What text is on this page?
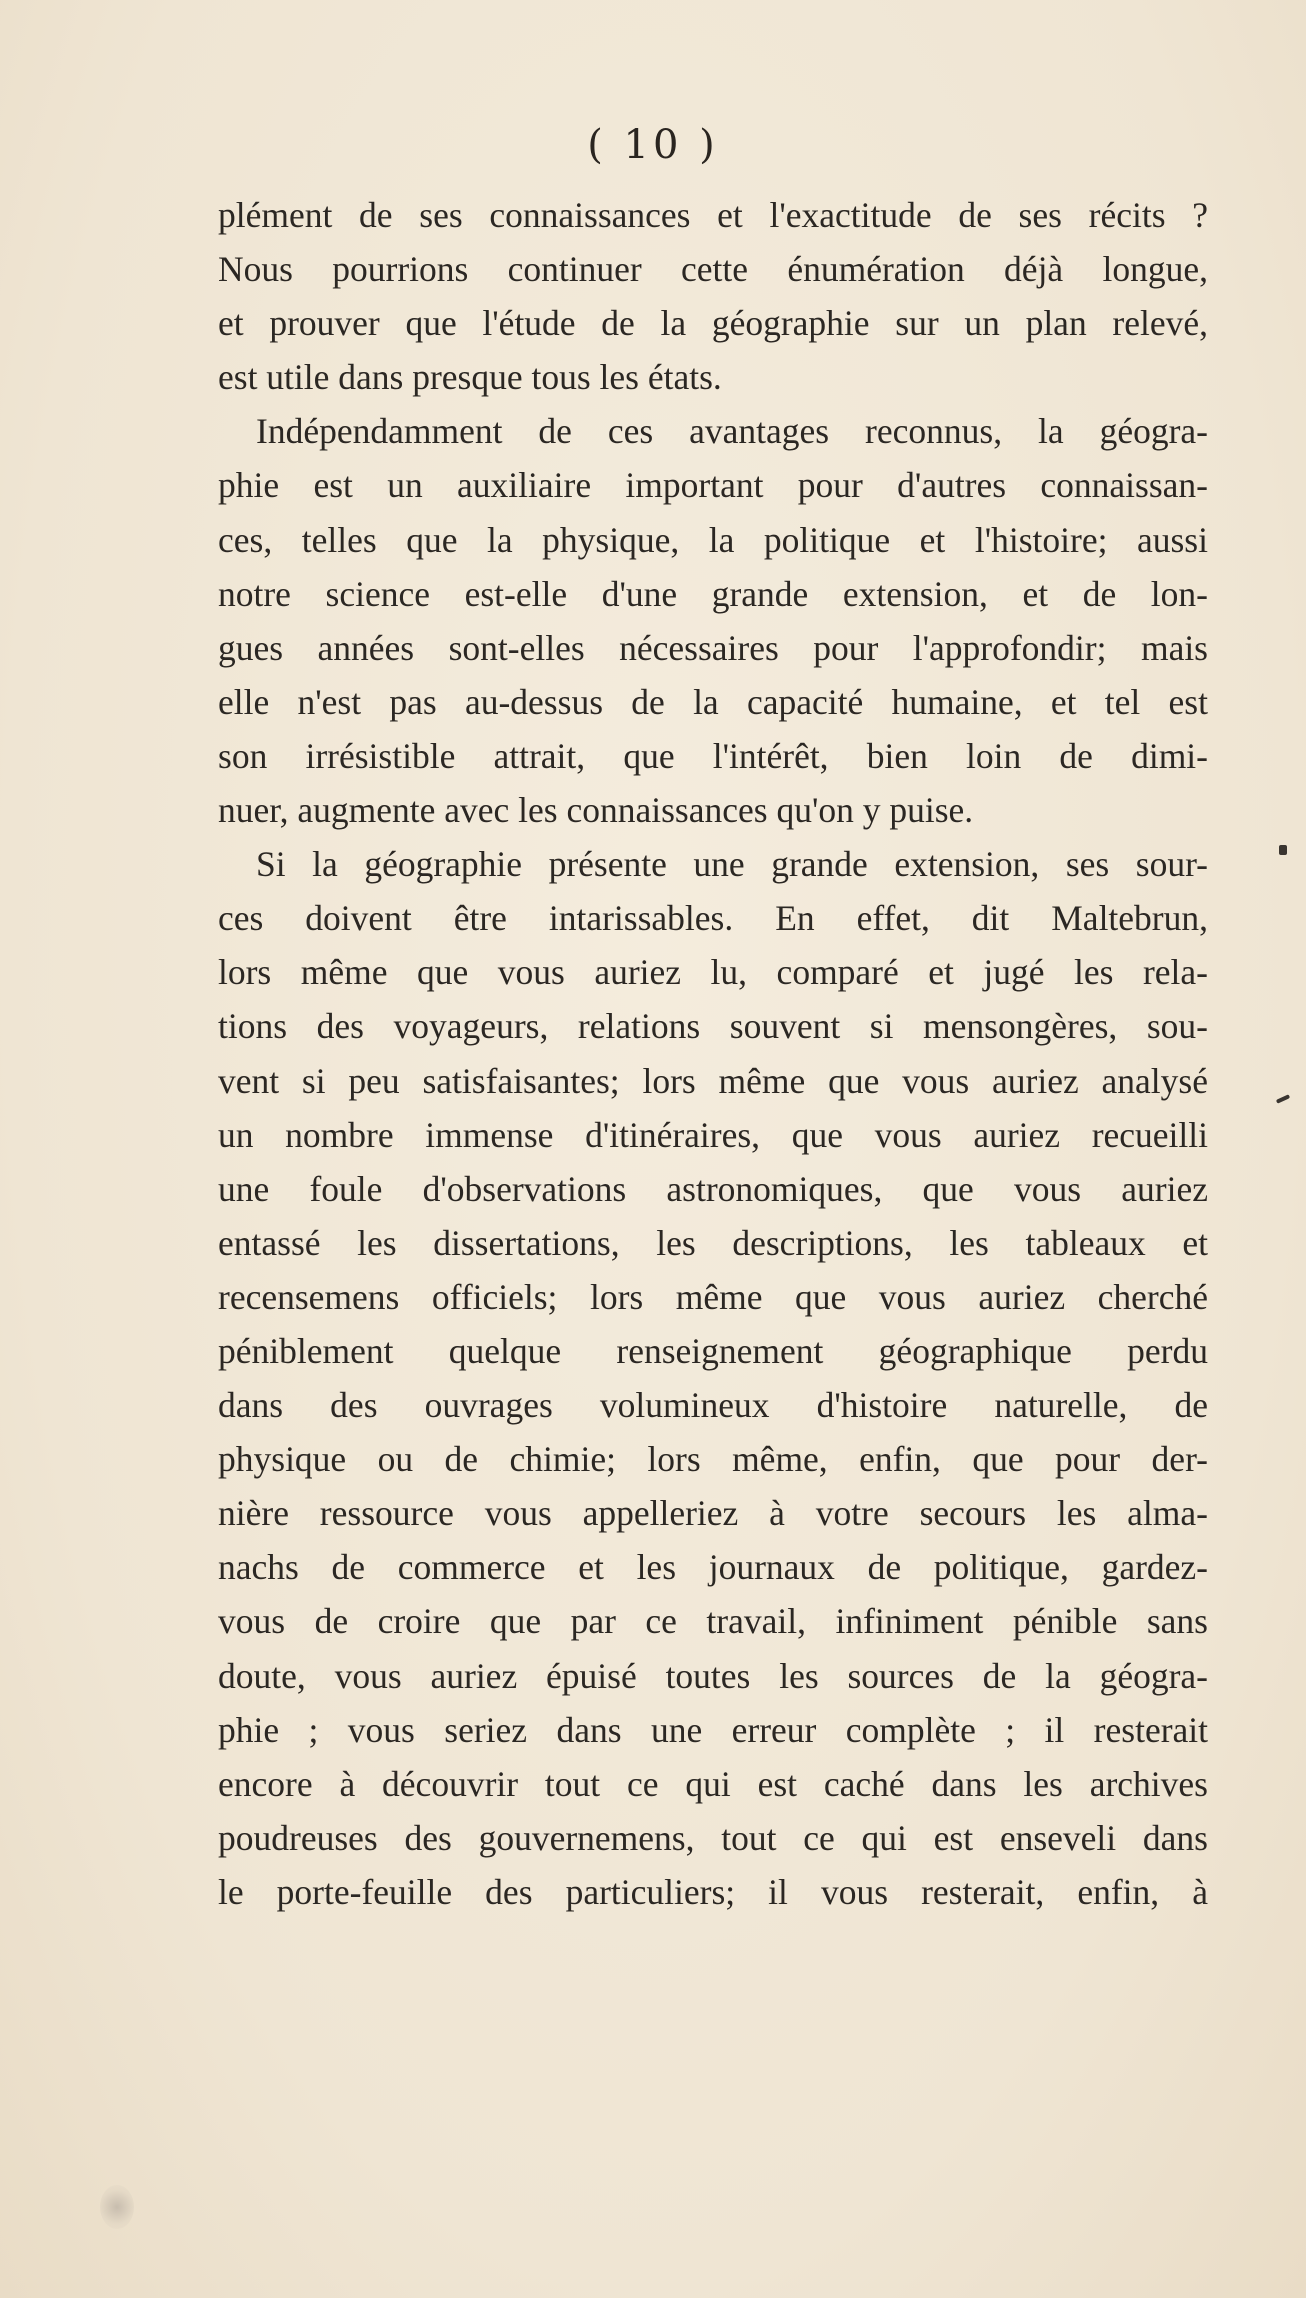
( 10 )
plément de ses connaissances et l'exactitude de ses récits ?
Nous pourrions continuer cette énumération déjà longue,
et prouver que l'étude de la géographie sur un plan relevé,
est utile dans presque tous les états.
Indépendamment de ces avantages reconnus, la géogra-
phie est un auxiliaire important pour d'autres connaissan-
ces, telles que la physique, la politique et l'histoire; aussi
notre science est-elle d'une grande extension, et de lon-
gues années sont-elles nécessaires pour l'approfondir; mais
elle n'est pas au-dessus de la capacité humaine, et tel est
son irrésistible attrait, que l'intérêt, bien loin de dimi-
nuer, augmente avec les connaissances qu'on y puise.
Si la géographie présente une grande extension, ses sour-
ces doivent être intarissables. En effet, dit Maltebrun,
lors même que vous auriez lu, comparé et jugé les rela-
tions des voyageurs, relations souvent si mensongères, sou-
vent si peu satisfaisantes; lors même que vous auriez analysé
un nombre immense d'itinéraires, que vous auriez recueilli
une foule d'observations astronomiques, que vous auriez
entassé les dissertations, les descriptions, les tableaux et
recensemens officiels; lors même que vous auriez cherché
péniblement quelque renseignement géographique perdu
dans des ouvrages volumineux d'histoire naturelle, de
physique ou de chimie; lors même, enfin, que pour der-
nière ressource vous appelleriez à votre secours les alma-
nachs de commerce et les journaux de politique, gardez-
vous de croire que par ce travail, infiniment pénible sans
doute, vous auriez épuisé toutes les sources de la géogra-
phie ; vous seriez dans une erreur complète ; il resterait
encore à découvrir tout ce qui est caché dans les archives
poudreuses des gouvernemens, tout ce qui est enseveli dans
le porte-feuille des particuliers; il vous resterait, enfin, à
